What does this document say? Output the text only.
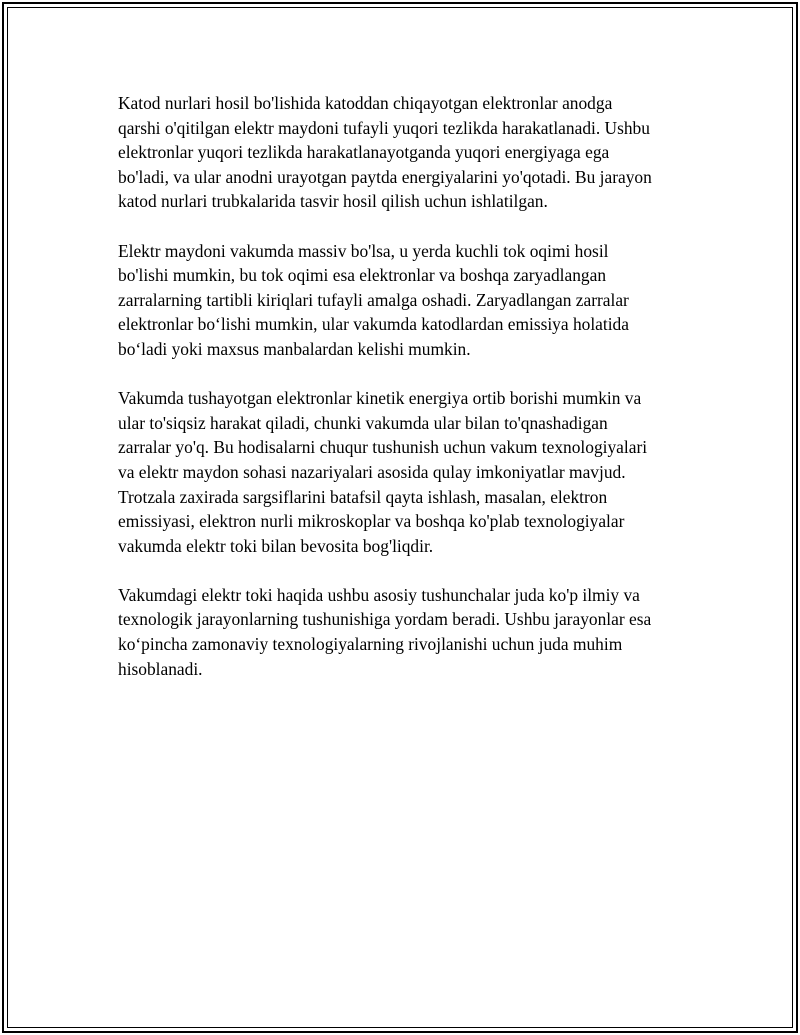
Katod nurlari hosil bo'lishida katoddan chiqayotgan elektronlar anodga
qarshi o'qitilgan elektr maydoni tufayli yuqori tezlikda harakatlanadi. Ushbu
elektronlar yuqori tezlikda harakatlanayotganda yuqori energiyaga ega
bo'ladi, va ular anodni urayotgan paytda energiyalarini yo'qotadi. Bu jarayon
katod nurlari trubkalarida tasvir hosil qilish uchun ishlatilgan.

Elektr maydoni vakumda massiv bo'lsa, u yerda kuchli tok oqimi hosil
bo'lishi mumkin, bu tok oqimi esa elektronlar va boshqa zaryadlangan
zarralarning tartibli kiriqlari tufayli amalga oshadi. Zaryadlangan zarralar
elektronlar bo‘lishi mumkin, ular vakumda katodlardan emissiya holatida
bo‘ladi yoki maxsus manbalardan kelishi mumkin.

Vakumda tushayotgan elektronlar kinetik energiya ortib borishi mumkin va
ular to'siqsiz harakat qiladi, chunki vakumda ular bilan to'qnashadigan
zarralar yo'q. Bu hodisalarni chuqur tushunish uchun vakum texnologiyalari
va elektr maydon sohasi nazariyalari asosida qulay imkoniyatlar mavjud.
Trotzala zaxirada sargsiflarini batafsil qayta ishlash, masalan, elektron
emissiyasi, elektron nurli mikroskoplar va boshqa ko'plab texnologiyalar
vakumda elektr toki bilan bevosita bog'liqdir.

Vakumdagi elektr toki haqida ushbu asosiy tushunchalar juda ko'p ilmiy va
texnologik jarayonlarning tushunishiga yordam beradi. Ushbu jarayonlar esa
ko‘pincha zamonaviy texnologiyalarning rivojlanishi uchun juda muhim
hisoblanadi.
